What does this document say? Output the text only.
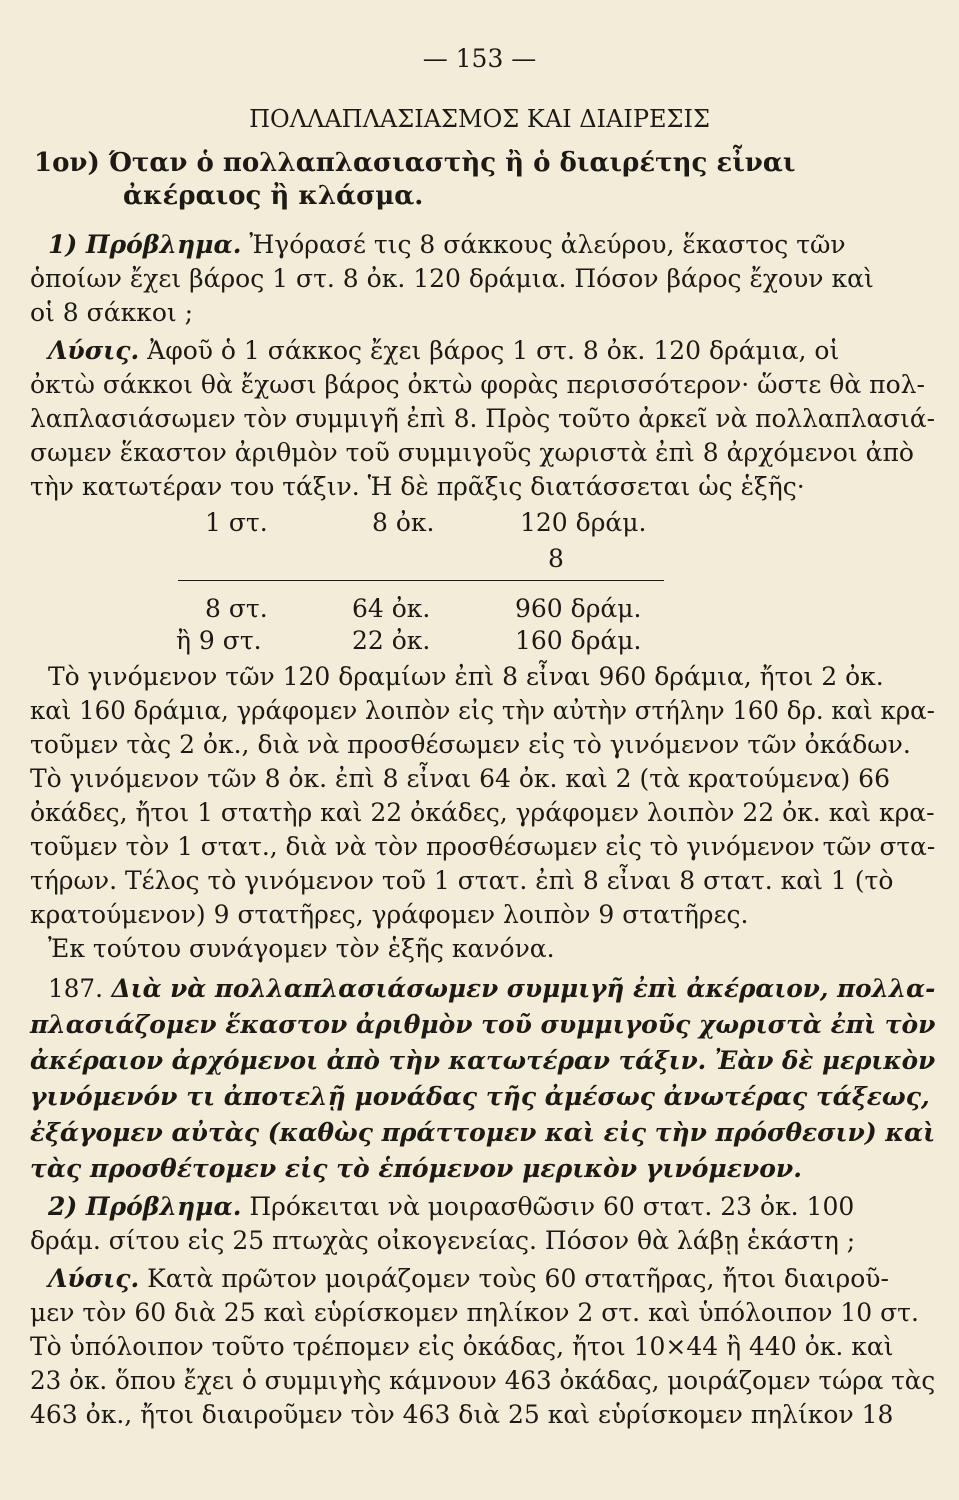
— 153 —
ΠΟΛΛΑΠΛΑΣΙΑΣΜΟΣ ΚΑΙ ΔΙΑΙΡΕΣΙΣ
1ον) Όταν ὁ πολλαπλασιαστὴς ἢ ὁ διαιρέτης εἶναι
ἀκέραιος ἢ κλάσμα.
1) Πρόβλημα. Ἠγόρασέ τις 8 σάκκους ἀλεύρου, ἕκαστος τῶν
ὁποίων ἔχει βάρος 1 στ. 8 ὀκ. 120 δράμια. Πόσον βάρος ἔχουν καὶ
οἱ 8 σάκκοι ;
Λύσις. Ἀφοῦ ὁ 1 σάκκος ἔχει βάρος 1 στ. 8 ὀκ. 120 δράμια, οἱ
ὀκτὼ σάκκοι θὰ ἔχωσι βάρος ὀκτὼ φορὰς περισσότερον· ὥστε θὰ πολ-
λαπλασιάσωμεν τὸν συμμιγῆ ἐπὶ 8. Πρὸς τοῦτο ἀρκεῖ νὰ πολλαπλασιά-
σωμεν ἕκαστον ἀριθμὸν τοῦ συμμιγοῦς χωριστὰ ἐπὶ 8 ἀρχόμενοι ἀπὸ
τὴν κατωτέραν του τάξιν. Ἡ δὲ πρᾶξις διατάσσεται ὡς ἑξῆς·
1 στ.	8 ὀκ.	120 δράμ.
8
8 στ.	64 ὀκ.	960 δράμ.
ἢ 9 στ.	22 ὀκ.	160 δράμ.
Τὸ γινόμενον τῶν 120 δραμίων ἐπὶ 8 εἶναι 960 δράμια, ἤτοι 2 ὀκ.
καὶ 160 δράμια, γράφομεν λοιπὸν εἰς τὴν αὐτὴν στήλην 160 δρ. καὶ κρα-
τοῦμεν τὰς 2 ὀκ., διὰ νὰ προσθέσωμεν εἰς τὸ γινόμενον τῶν ὀκάδων.
Τὸ γινόμενον τῶν 8 ὀκ. ἐπὶ 8 εἶναι 64 ὀκ. καὶ 2 (τὰ κρατούμενα) 66
ὀκάδες, ἤτοι 1 στατὴρ καὶ 22 ὀκάδες, γράφομεν λοιπὸν 22 ὀκ. καὶ κρα-
τοῦμεν τὸν 1 στατ., διὰ νὰ τὸν προσθέσωμεν εἰς τὸ γινόμενον τῶν στα-
τήρων. Τέλος τὸ γινόμενον τοῦ 1 στατ. ἐπὶ 8 εἶναι 8 στατ. καὶ 1 (τὸ
κρατούμενον) 9 στατῆρες, γράφομεν λοιπὸν 9 στατῆρες.
Ἐκ τούτου συνάγομεν τὸν ἑξῆς κανόνα.
187. Διὰ νὰ πολλαπλασιάσωμεν συμμιγῆ ἐπὶ ἀκέραιον, πολλα-
πλασιάζομεν ἕκαστον ἀριθμὸν τοῦ συμμιγοῦς χωριστὰ ἐπὶ τὸν
ἀκέραιον ἀρχόμενοι ἀπὸ τὴν κατωτέραν τάξιν. Ἐὰν δὲ μερικὸν
γινόμενόν τι ἀποτελῇ μονάδας τῆς ἀμέσως ἀνωτέρας τάξεως,
ἐξάγομεν αὐτὰς (καθὼς πράττομεν καὶ εἰς τὴν πρόσθεσιν) καὶ
τὰς προσθέτομεν εἰς τὸ ἑπόμενον μερικὸν γινόμενον.
2) Πρόβλημα. Πρόκειται νὰ μοιρασθῶσιν 60 στατ. 23 ὀκ. 100
δράμ. σίτου εἰς 25 πτωχὰς οἰκογενείας. Πόσον θὰ λάβῃ ἑκάστη ;
Λύσις. Κατὰ πρῶτον μοιράζομεν τοὺς 60 στατῆρας, ἤτοι διαιροῦ-
μεν τὸν 60 διὰ 25 καὶ εὑρίσκομεν πηλίκον 2 στ. καὶ ὑπόλοιπον 10 στ.
Τὸ ὑπόλοιπον τοῦτο τρέπομεν εἰς ὀκάδας, ἤτοι 10×44 ἢ 440 ὀκ. καὶ
23 ὀκ. ὅπου ἔχει ὁ συμμιγὴς κάμνουν 463 ὀκάδας, μοιράζομεν τώρα τὰς
463 ὀκ., ἤτοι διαιροῦμεν τὸν 463 διὰ 25 καὶ εὑρίσκομεν πηλίκον 18
